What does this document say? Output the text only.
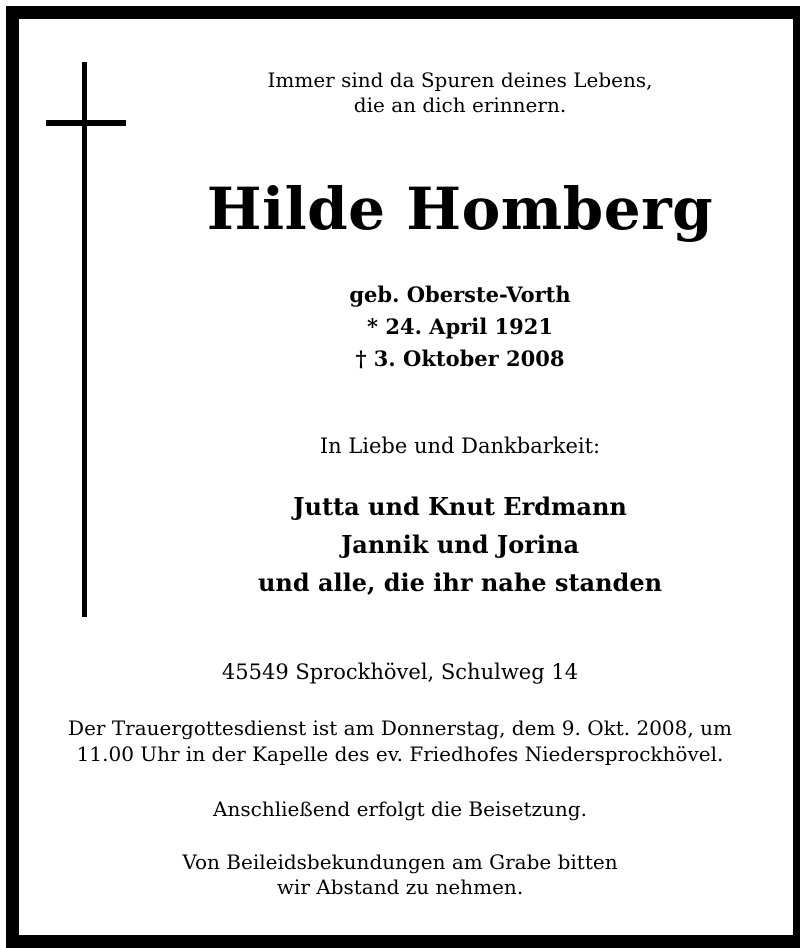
Immer sind da Spuren deines Lebens,
die an dich erinnern.
Hilde Homberg
geb. Oberste-Vorth
* 24. April 1921
† 3. Oktober 2008
In Liebe und Dankbarkeit:
Jutta und Knut Erdmann
Jannik und Jorina
und alle, die ihr nahe standen
45549 Sprockhövel, Schulweg 14
Der Trauergottesdienst ist am Donnerstag, dem 9. Okt. 2008, um
11.00 Uhr in der Kapelle des ev. Friedhofes Niedersprockhövel.
Anschließend erfolgt die Beisetzung.
Von Beileidsbekundungen am Grabe bitten
wir Abstand zu nehmen.
